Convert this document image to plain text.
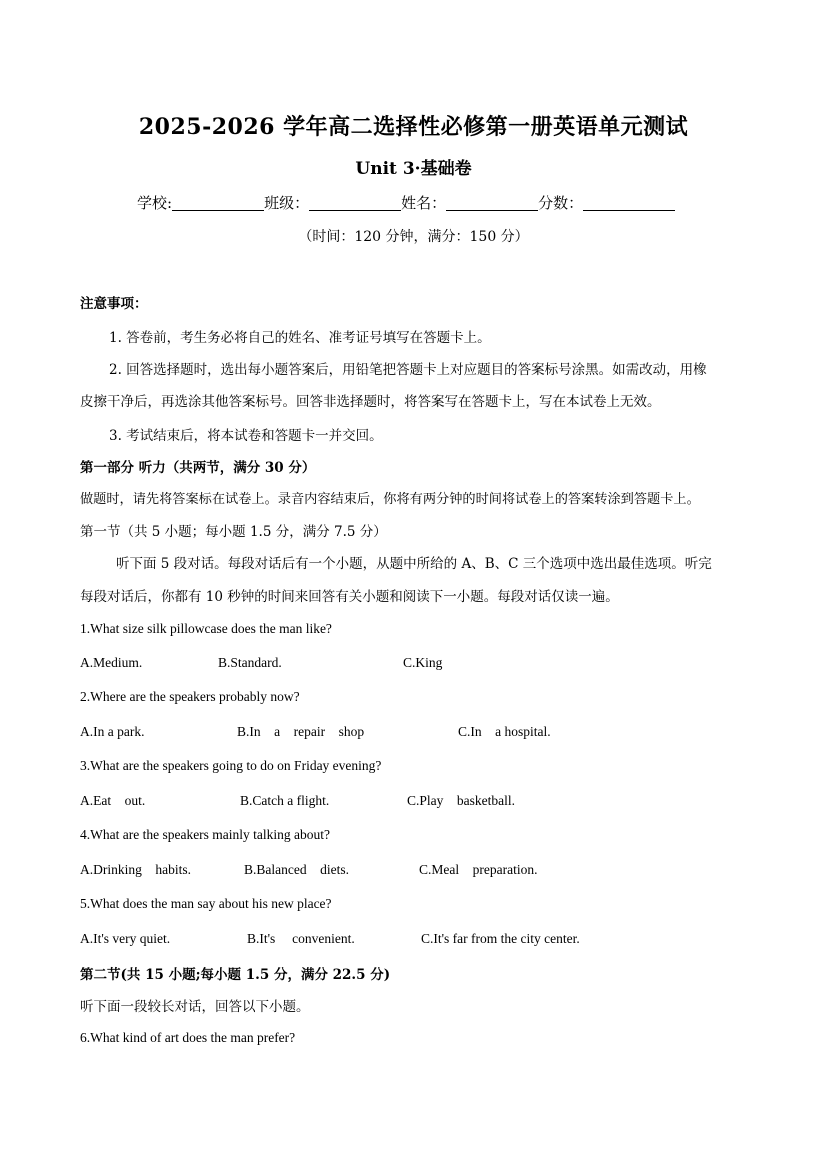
2025-2026 学年高二选择性必修第一册英语单元测试
Unit 3·基础卷
学校:	班级：	姓名：	分数：
（时间：120 分钟，满分：150 分）
注意事项：
1. 答卷前，考生务必将自己的姓名、准考证号填写在答题卡上。
2. 回答选择题时，选出每小题答案后，用铅笔把答题卡上对应题目的答案标号涂黑。如需改动，用橡
皮擦干净后，再选涂其他答案标号。回答非选择题时，将答案写在答题卡上，写在本试卷上无效。
3. 考试结束后，将本试卷和答题卡一并交回。
第一部分 听力（共两节，满分 30 分）
做题时，请先将答案标在试卷上。录音内容结束后，你将有两分钟的时间将试卷上的答案转涂到答题卡上。
第一节（共 5 小题；每小题 1.5 分，满分 7.5 分）
听下面 5 段对话。每段对话后有一个小题，从题中所给的 A、B、C 三个选项中选出最佳选项。听完
每段对话后，你都有 10 秒钟的时间来回答有关小题和阅读下一小题。每段对话仅读一遍。
1.What size silk pillowcase does the man like?
A.Medium.	B.Standard.	C.King
2.Where are the speakers probably now?
A.In a park.	B.In    a    repair    shop	C.In    a hospital.
3.What are the speakers going to do on Friday evening?
A.Eat    out.	B.Catch a flight.	C.Play    basketball.
4.What are the speakers mainly talking about?
A.Drinking    habits.	B.Balanced    diets.	C.Meal    preparation.
5.What does the man say about his new place?
A.It's very quiet.	B.It's     convenient.	C.It's far from the city center.
第二节(共 15 小题;每小题 1.5 分，满分 22.5 分)
听下面一段较长对话，回答以下小题。
6.What kind of art does the man prefer?
